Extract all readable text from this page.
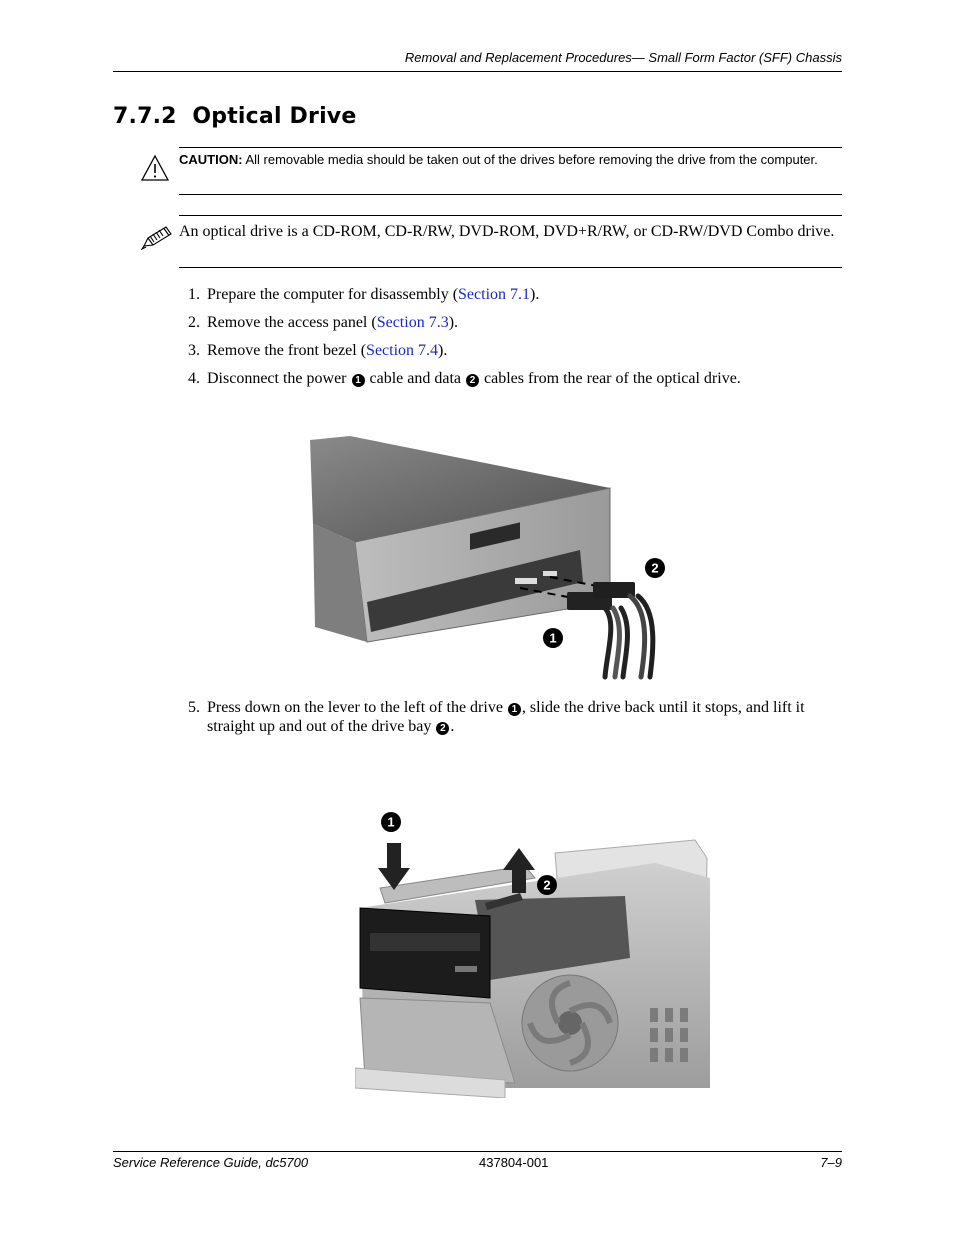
Removal and Replacement Procedures— Small Form Factor (SFF) Chassis
7.7.2 Optical Drive
CAUTION: All removable media should be taken out of the drives before removing the drive from the computer.
An optical drive is a CD-ROM, CD-R/RW, DVD-ROM, DVD+R/RW, or CD-RW/DVD Combo drive.
1. Prepare the computer for disassembly (Section 7.1).
2. Remove the access panel (Section 7.3).
3. Remove the front bezel (Section 7.4).
4. Disconnect the power 1 cable and data 2 cables from the rear of the optical drive.
2
1
5. Press down on the lever to the left of the drive 1 , slide the drive back until it stops, and lift it straight up and out of the drive bay 2 .
1
2
Service Reference Guide, dc5700	437804-001	7–9
